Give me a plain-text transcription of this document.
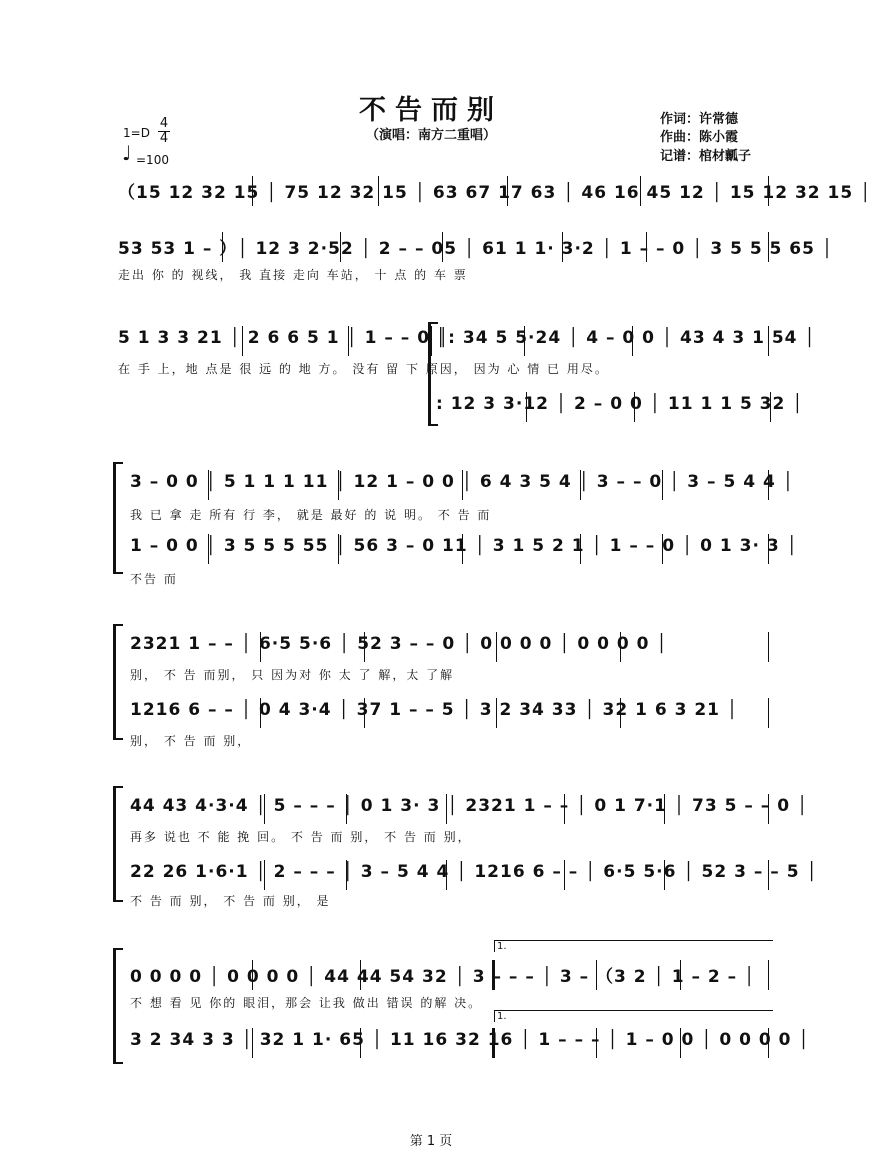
不告而别
（演唱：南方二重唱）
作词：许常德
作曲：陈小霞
记谱：棺材瓤子
1=D
4
4
♩ =100
（15 12 32 15 │ 75 12 32 15 │ 63 67 17 63 │ 46 16 45 12 │ 15 12 32 15 │
53 53 1 – ）│ 12 3 2·52 │ 2 – – 05 │ 61 1 1· 3·2 │ 1 – – 0 │ 3 5 5 5 65 │
走出 你 的 视线， 我 直接 走向 车站， 十 点 的 车 票
5 1 3 3 21 │ 2 6 6 5 1 │ 1 – – 0 ║: 34 5 5·24 │ 4 – 0 0 │ 43 4 3 1 54 │
在 手 上，地 点是 很 远 的 地 方。 没有 留 下 原因， 因为 心 情 已 用尽。
: 12 3 3·12 │ 2 – 0 0 │ 11 1 1 5 32 │
3 – 0 0 │ 5 1 1 1 11 │ 12 1 – 0 0 │ 6 4 3 5 4 │ 3 – – 0 │ 3 – 5 4 4 │
我 已 拿 走 所有 行 李， 就是 最好 的 说 明。 不 告 而
1 – 0 0 │ 3 5 5 5 55 │ 56 3 – 0 11 │ 3 1 5 2 1 │ 1 – – 0 │ 0 1 3· 3 │
不告 而
2321 1 – – │ 6·5 5·6 │ 52 3 – – 0 │ 0 0 0 0 │ 0 0 0 0 │
别， 不 告 而别， 只 因为对 你 太 了 解，太 了解
1216 6 – – │ 0 4 3·4 │ 37 1 – – 5 │ 3 2 34 33 │ 32 1 6 3 21 │
别， 不 告 而 别，
44 43 4·3·4 │ 5 – – – │ 0 1 3· 3 │ 2321 1 – – │ 0 1 7·1 │ 73 5 – – 0 │
再多 说也 不 能 挽 回。 不 告 而 别， 不 告 而 别，
22 26 1·6·1 │ 2 – – – │ 3 – 5 4 4 │ 1216 6 – – │ 6·5 5·6 │ 52 3 – – 5 │
不 告 而 别， 不 告 而 别， 是
1.
1.
0 0 0 0 │ 0 0 0 0 │ 44 44 54 32 │ 3 – – – │ 3 – （3 2 │ 1 – 2 – │
不 想 看 见 你的 眼泪，那会 让我 做出 错误 的解 决。
3 2 34 3 3 │ 32 1 1· 65 │ 11 16 32 16 │ 1 – – – │ 1 – 0 0 │ 0 0 0 0 │
第 1 页
